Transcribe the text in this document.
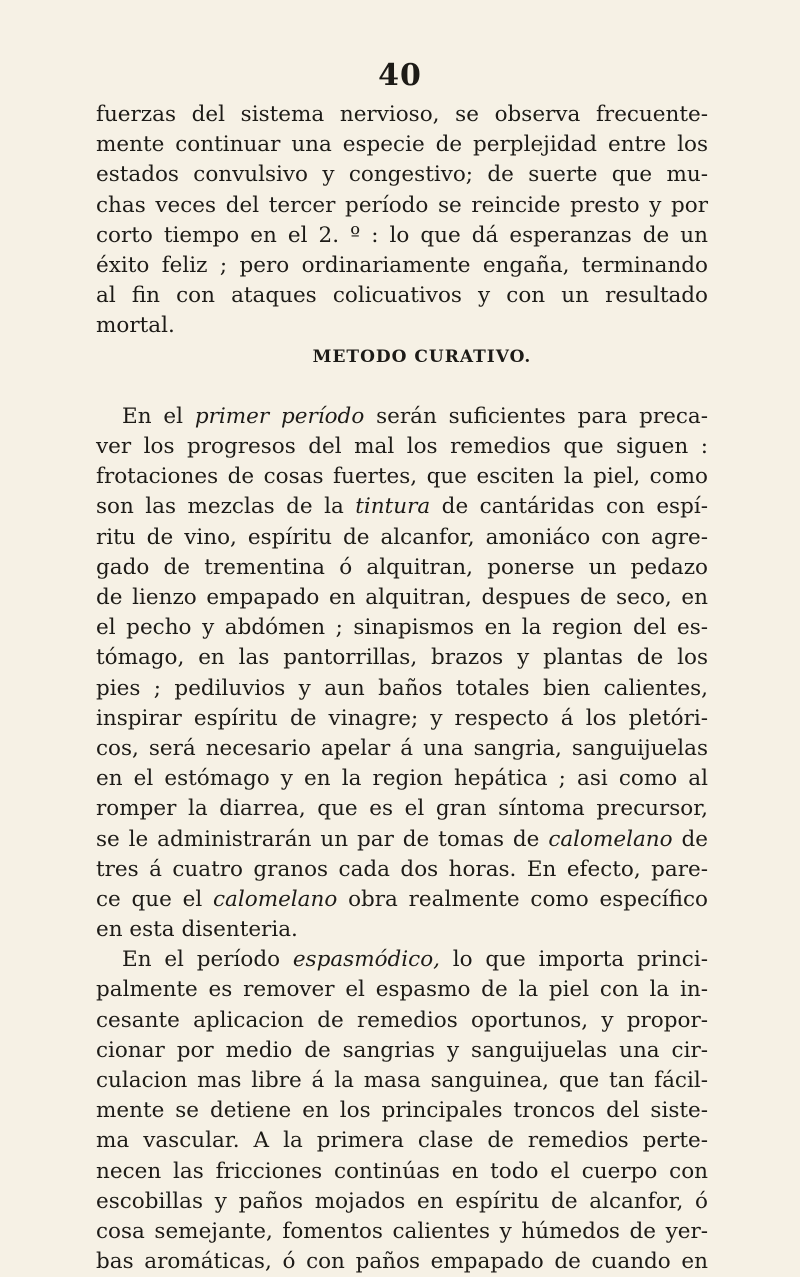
40
fuerzas del sistema nervioso, se observa frecuente-
mente continuar una especie de perplejidad entre los
estados convulsivo y congestivo; de suerte que mu-
chas veces del tercer período se reincide presto y por
corto tiempo en el 2. º : lo que dá esperanzas de un
éxito feliz ; pero ordinariamente engaña, terminando
al fin con ataques colicuativos y con un resultado
mortal.
METODO CURATIVO.
En el primer período serán suficientes para preca-
ver los progresos del mal los remedios que siguen :
frotaciones de cosas fuertes, que esciten la piel, como
son las mezclas de la tintura de cantáridas con espí-
ritu de vino, espíritu de alcanfor, amoniáco con agre-
gado de trementina ó alquitran, ponerse un pedazo
de lienzo empapado en alquitran, despues de seco, en
el pecho y abdómen ; sinapismos en la region del es-
tómago, en las pantorrillas, brazos y plantas de los
pies ; pediluvios y aun baños totales bien calientes,
inspirar espíritu de vinagre; y respecto á los pletóri-
cos, será necesario apelar á una sangria, sanguijuelas
en el estómago y en la region hepática ; asi como al
romper la diarrea, que es el gran síntoma precursor,
se le administrarán un par de tomas de calomelano de
tres á cuatro granos cada dos horas. En efecto, pare-
ce que el calomelano obra realmente como específico
en esta disenteria.
En el período espasmódico, lo que importa princi-
palmente es remover el espasmo de la piel con la in-
cesante aplicacion de remedios oportunos, y propor-
cionar por medio de sangrias y sanguijuelas una cir-
culacion mas libre á la masa sanguinea, que tan fácil-
mente se detiene en los principales troncos del siste-
ma vascular. A la primera clase de remedios perte-
necen las fricciones continúas en todo el cuerpo con
escobillas y paños mojados en espíritu de alcanfor, ó
cosa semejante, fomentos calientes y húmedos de yer-
bas aromáticas, ó con paños empapado de cuando en
